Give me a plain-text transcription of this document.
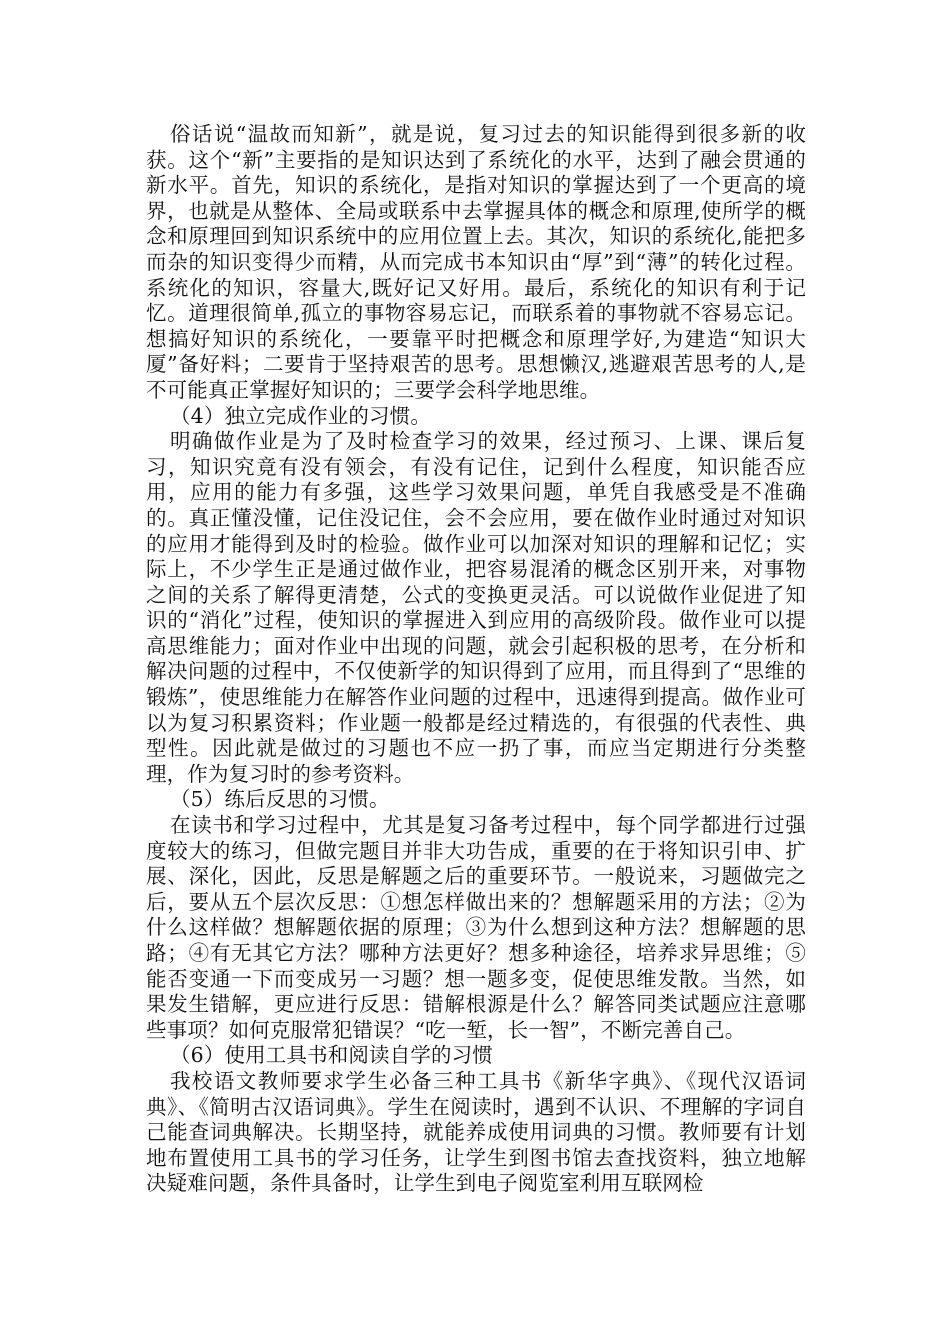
俗话说“温故而知新”，就是说，复习过去的知识能得到很多新的收获。这个“新”主要指的是知识达到了系统化的水平，达到了融会贯通的新水平。首先，知识的系统化，是指对知识的掌握达到了一个更高的境界，也就是从整体、全局或联系中去掌握具体的概念和原理,使所学的概念和原理回到知识系统中的应用位置上去。其次，知识的系统化,能把多而杂的知识变得少而精，从而完成书本知识由“厚”到“薄”的转化过程。系统化的知识，容量大,既好记又好用。最后，系统化的知识有利于记忆。道理很简单,孤立的事物容易忘记，而联系着的事物就不容易忘记。想搞好知识的系统化，一要靠平时把概念和原理学好,为建造“知识大厦”备好料；二要肯于坚持艰苦的思考。思想懒汉,逃避艰苦思考的人,是不可能真正掌握好知识的；三要学会科学地思维。

（4）独立完成作业的习惯。

明确做作业是为了及时检查学习的效果，经过预习、上课、课后复习，知识究竟有没有领会，有没有记住，记到什么程度，知识能否应用，应用的能力有多强，这些学习效果问题，单凭自我感受是不准确的。真正懂没懂，记住没记住，会不会应用，要在做作业时通过对知识的应用才能得到及时的检验。做作业可以加深对知识的理解和记忆；实际上，不少学生正是通过做作业，把容易混淆的概念区别开来，对事物之间的关系了解得更清楚，公式的变换更灵活。可以说做作业促进了知识的“消化”过程，使知识的掌握进入到应用的高级阶段。做作业可以提高思维能力；面对作业中出现的问题，就会引起积极的思考，在分析和解决问题的过程中，不仅使新学的知识得到了应用，而且得到了“思维的锻炼”，使思维能力在解答作业问题的过程中，迅速得到提高。做作业可以为复习积累资料；作业题一般都是经过精选的，有很强的代表性、典型性。因此就是做过的习题也不应一扔了事，而应当定期进行分类整理，作为复习时的参考资料。

（5）练后反思的习惯。

在读书和学习过程中，尤其是复习备考过程中，每个同学都进行过强度较大的练习，但做完题目并非大功告成，重要的在于将知识引申、扩展、深化，因此，反思是解题之后的重要环节。一般说来，习题做完之后，要从五个层次反思：①想怎样做出来的？想解题采用的方法；②为什么这样做？想解题依据的原理；③为什么想到这种方法？想解题的思路；④有无其它方法？哪种方法更好？想多种途径，培养求异思维；⑤能否变通一下而变成另一习题？想一题多变，促使思维发散。当然，如果发生错解，更应进行反思：错解根源是什么？解答同类试题应注意哪些事项？如何克服常犯错误？“吃一堑，长一智”，不断完善自己。

（6）使用工具书和阅读自学的习惯

我校语文教师要求学生必备三种工具书《新华字典》、《现代汉语词典》、《简明古汉语词典》。学生在阅读时，遇到不认识、不理解的字词自己能查词典解决。长期坚持，就能养成使用词典的习惯。教师要有计划地布置使用工具书的学习任务，让学生到图书馆去查找资料，独立地解决疑难问题，条件具备时，让学生到电子阅览室利用互联网检
